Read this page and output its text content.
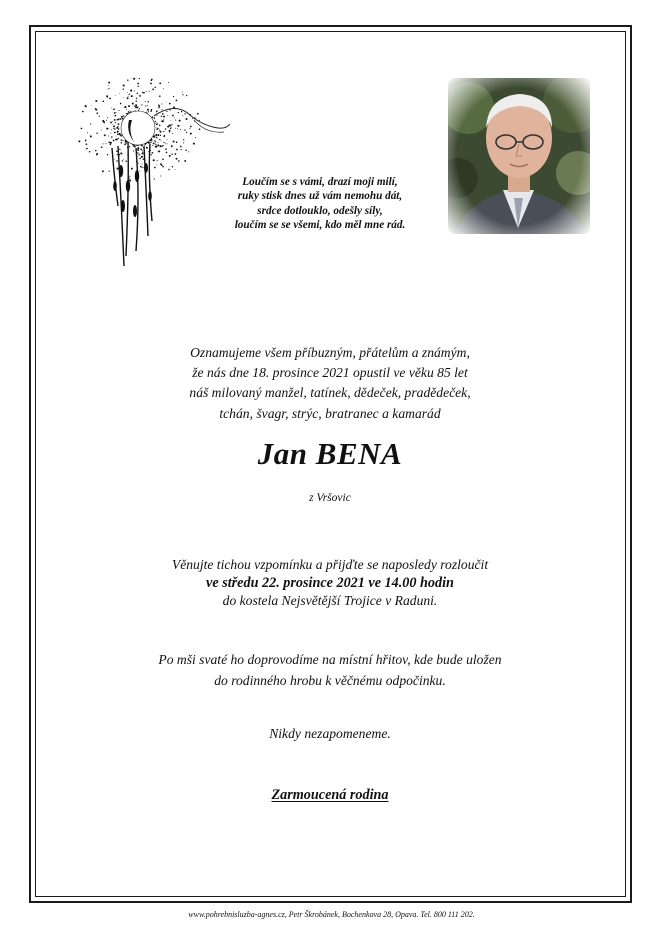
Loučím se s vámi, drazí moji milí,
ruky stisk dnes už vám nemohu dát,
srdce dotlouklo, odešly síly,
loučím se se všemi, kdo měl mne rád.
Oznamujeme všem příbuzným, přátelům a známým,
že nás dne 18. prosince 2021 opustil ve věku 85 let
náš milovaný manžel, tatínek, dědeček, pradědeček,
tchán, švagr, strýc, bratranec a kamarád
Jan BENA
z Vršovic
Věnujte tichou vzpomínku a přijďte se naposledy rozloučit
ve středu 22. prosince 2021 ve 14.00 hodin
do kostela Nejsvětější Trojice v Raduni.
Po mši svaté ho doprovodíme na místní hřitov, kde bude uložen
do rodinného hrobu k věčnému odpočinku.
Nikdy nezapomeneme.
Zarmoucená rodina
www.pohrebnisluzba-agnes.cz, Petr Škrobánek, Bochenkova 28, Opava. Tel. 800 111 202.
